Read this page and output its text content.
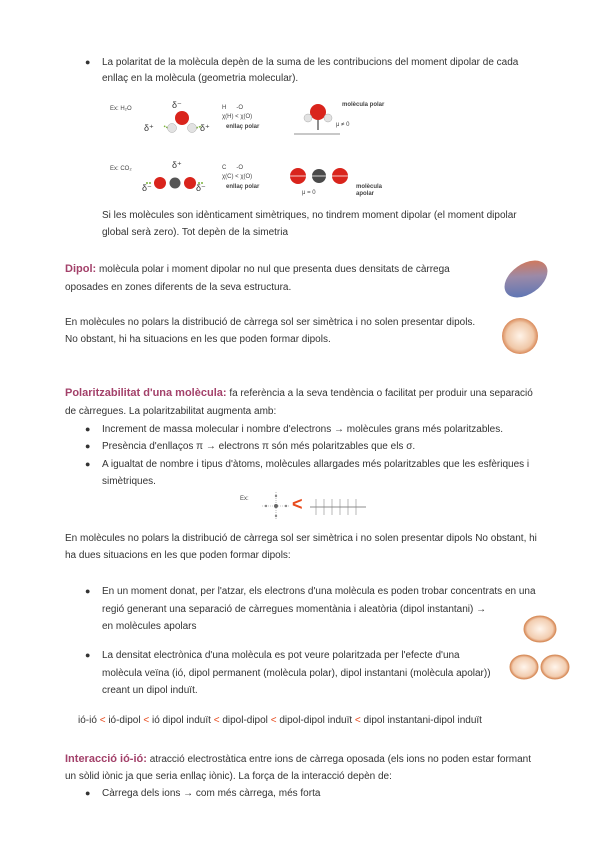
● La polaritat de la molècula depèn de la suma de les contribucions del moment dipolar de cada
enllaç en la molècula (geometria molecular).
Ex: H₂O	δ⁻
δ⁺	δ⁺
H      -O
χ(H) < χ(O)
enllaç polar
molècula polar
μ ≠ 0
Ex: CO₂	δ⁺
δ⁻	δ⁻
C      -O
χ(C) < χ(O)
enllaç polar
μ = 0
molècula apolar
Si les molècules son idènticament simètriques, no tindrem moment dipolar (el moment dipolar
global serà zero). Tot depèn de la simetria
Dipol: molècula polar i moment dipolar no nul que presenta dues densitats de càrrega
oposades en zones diferents de la seva estructura.
En molècules no polars la distribució de càrrega sol ser simètrica i no solen presentar dipols.
No obstant, hi ha situacions en les que poden formar dipols.
Polaritzabilitat d'una molècula: fa referència a la seva tendència o facilitat per produir una separació
de càrregues. La polaritzabilitat augmenta amb:
● Increment de massa molecular i nombre d'electrons → molècules grans més polaritzables.
● Presència d'enllaços π → electrons π són més polaritzables que els σ.
● A igualtat de nombre i tipus d'àtoms, molècules allargades més polaritzables que les esfèriques i
simètriques.
Ex: <
En molècules no polars la distribució de càrrega sol ser simètrica i no solen presentar dipols No obstant, hi
ha dues situacions en les que poden formar dipols:
● En un moment donat, per l'atzar, els electrons d'una molècula es poden trobar concentrats en una
regió generant una separació de càrregues momentània i aleatòria (dipol instantani) →
en molècules apolars
● La densitat electrònica d'una molècula es pot veure polaritzada per l'efecte d'una
molècula veïna (ió, dipol permanent (molècula polar), dipol instantani (molècula apolar))
creant un dipol induït.
ió-ió < ió-dipol < ió dipol induït < dipol-dipol < dipol-dipol induït < dipol instantani-dipol induït
Interacció ió-ió: atracció electrostàtica entre ions de càrrega oposada (els ions no poden estar formant
un sòlid iònic ja que seria enllaç iònic). La força de la interacció depèn de:
● Càrrega dels ions → com més càrrega, més forta
